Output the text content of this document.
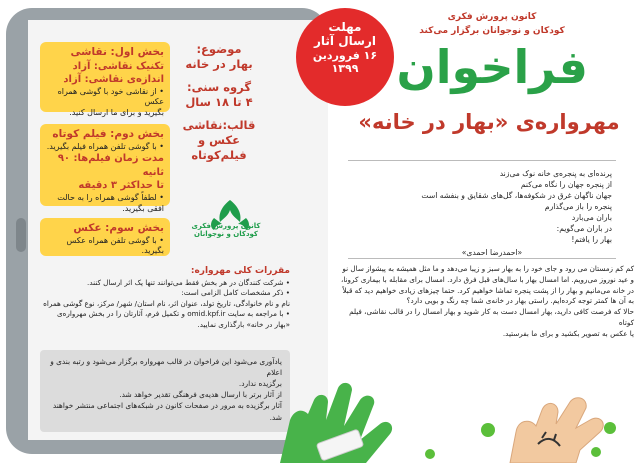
بخش اول: نقاشی
تکنیک نقاشی: آزاد
اندازه‌ی نقاشی: آزاد
• از نقاشی خود با گوشی همراه عکس
بگیرید و برای ما ارسال کنید.
بخش دوم: فیلم کوتاه
• با گوشی تلفن همراه فیلم بگیرید.
مدت زمان فیلم‌ها: ۹۰ ثانیه
تا حداکثر ۳ دقیقه
• لطفاً گوشی همراه را به حالت افقی بگیرید.
بخش سوم: عکس
• با گوشی تلفن همراه عکس بگیرید.
موضوع:
بهار در خانه
گروه سنی:
۴ تا ۱۸ سال
قالب:نقاشی
عکس و
فیلم‌کوتاه
کانون پرورش فکری
کودکان و نوجوانان
مقررات کلی مهرواره:
• شرکت کنندگان در هر بخش فقط می‌توانند تنها یک اثر ارسال کنند.
• ذکر مشخصات کامل الزامی است:
نام و نام خانوادگی، تاریخ تولد، عنوان اثر، نام استان/ شهر/ مرکز، نوع گوشی همراه
• با مراجعه به سایت omid.kpf.ir و تکمیل فرم، آثارتان را در بخش مهرواره‌ی
«بهار در خانه» بارگذاری نمایید.
یادآوری می‌شود این فراخوان در قالب مهرواره برگزار می‌شود و رتبه بندی و اعلام
برگزیده ندارد.
از آثار برتر با ارسال هدیه‌ی فرهنگی تقدیر خواهد شد.
آثار برگزیده به مرور در صفحات کانون در شبکه‌های اجتماعی منتشر خواهند شد.
مهلت
ارسال آثار
۱۶ فروردین
۱۳۹۹
کانون پرورش فکری
کودکان و نوجوانان برگزار می‌کند
فراخوان
مهرواره‌ی «بهار در خانه»
پرنده‌ای به پنجره‌ی خانه نوک می‌زند
از پنجره جهان را نگاه می‌کنم
جهان ناگهان غرق در شکوفه‌ها، گل‌های شقایق و بنفشه است
پنجره را باز می‌گذارم
باران می‌بارد
در باران می‌گویم:
بهار را یافتم!
«احمدرضا احمدی»
کم کم زمستان می رود و جای خود را به بهار سبز و زیبا می‌دهد و ما مثل همیشه به پیشواز سال نو
و عید نوروز می‌رویم. اما امسال بهار با سال‌های قبل فرق دارد. امسال برای مقابله با بیماری کرونا،
در خانه می‌مانیم و بهار را از پشت پنجره تماشا خواهیم کرد. حتما چیزهای زیادی خواهیم دید که قبلاً
به آن ها کمتر توجه کرده‌ایم. راستی بهار در خانه‌ی شما چه رنگ و بویی دارد؟
حالا که فرصت کافی دارید، بهار امسال دست به کار شوید و بهار امسال را در قالب نقاشی، فیلم کوتاه
یا عکس به تصویر بکشید و برای ما بفرستید.
